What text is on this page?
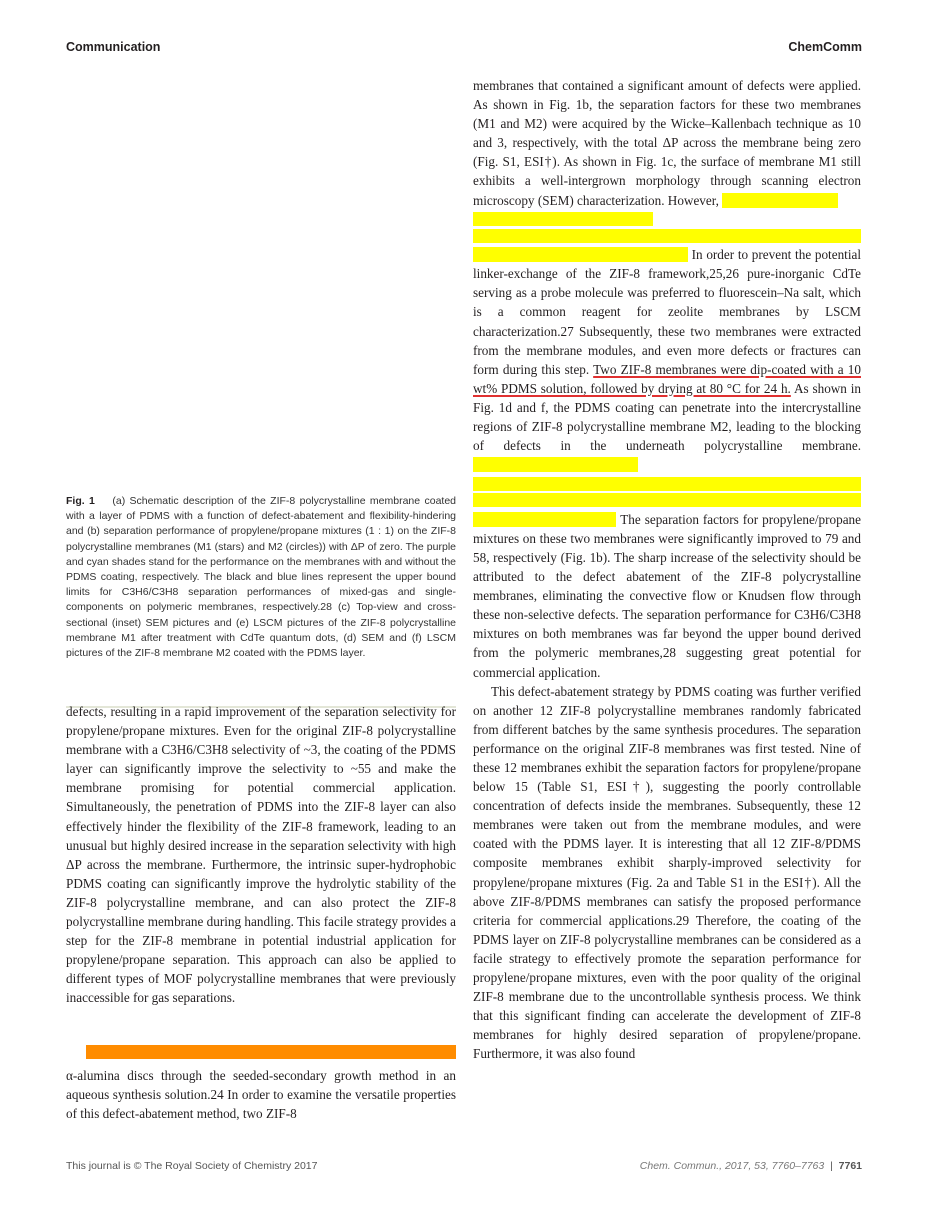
Communication	ChemComm
Fig. 1 (a) Schematic description of the ZIF-8 polycrystalline membrane coated with a layer of PDMS with a function of defect-abatement and flexibility-hindering and (b) separation performance of propylene/propane mixtures (1 : 1) on the ZIF-8 polycrystalline membranes (M1 (stars) and M2 (circles)) with ΔP of zero. The purple and cyan shades stand for the performance on the membranes with and without the PDMS coating, respectively. The black and blue lines represent the upper bound limits for C3H6/C3H8 separation performances of mixed-gas and single-components on polymeric membranes, respectively.28 (c) Top-view and cross-sectional (inset) SEM pictures and (e) LSCM pictures of the ZIF-8 polycrystalline membrane M1 after treatment with CdTe quantum dots, (d) SEM and (f) LSCM pictures of the ZIF-8 membrane M2 coated with the PDMS layer.

defects, resulting in a rapid improvement of the separation selectivity for propylene/propane mixtures. Even for the original ZIF-8 polycrystalline membrane with a C3H6/C3H8 selectivity of ~3, the coating of the PDMS layer can significantly improve the selectivity to ~55 and make the membrane promising for potential commercial application. Simultaneously, the penetration of PDMS into the ZIF-8 layer can also effectively hinder the flexibility of the ZIF-8 framework, leading to an unusual but highly desired increase in the separation selectivity with high ΔP across the membrane. Furthermore, the intrinsic super-hydrophobic PDMS coating can significantly improve the hydrolytic stability of the ZIF-8 polycrystalline membrane, and can also protect the ZIF-8 polycrystalline membrane during handling. This facile strategy provides a step for the ZIF-8 membrane in potential industrial application for propylene/propane separation. This approach can also be applied to different types of MOF polycrystalline membranes that were previously inaccessible for gas separations.

α-alumina discs through the seeded-secondary growth method in an aqueous synthesis solution.24 In order to examine the versatile properties of this defect-abatement method, two ZIF-8

membranes that contained a significant amount of defects were applied. As shown in Fig. 1b, the separation factors for these two membranes (M1 and M2) were acquired by the Wicke–Kallenbach technique as 10 and 3, respectively, with the total ΔP across the membrane being zero (Fig. S1, ESI†). As shown in Fig. 1c, the surface of membrane M1 still exhibits a well-intergrown morphology through scanning electron microscopy (SEM) characterization. However,

In order to prevent the potential linker-exchange of the ZIF-8 framework,25,26 pure-inorganic CdTe serving as a probe molecule was preferred to fluorescein–Na salt, which is a common reagent for zeolite membranes by LSCM characterization.27 Subsequently, these two membranes were extracted from the membrane modules, and even more defects or fractures can form during this step. Two ZIF-8 membranes were dip-coated with a 10 wt% PDMS solution, followed by drying at 80 °C for 24 h. As shown in Fig. 1d and f, the PDMS coating can penetrate into the intercrystalline regions of ZIF-8 polycrystalline membrane M2, leading to the blocking of defects in the underneath polycrystalline membrane.

The separation factors for propylene/propane mixtures on these two membranes were significantly improved to 79 and 58, respectively (Fig. 1b). The sharp increase of the selectivity should be attributed to the defect abatement of the ZIF-8 polycrystalline membranes, eliminating the convective flow or Knudsen flow through these non-selective defects. The separation performance for C3H6/C3H8 mixtures on both membranes was far beyond the upper bound derived from the polymeric membranes,28 suggesting great potential for commercial application.

This defect-abatement strategy by PDMS coating was further verified on another 12 ZIF-8 polycrystalline membranes randomly fabricated from different batches by the same synthesis procedures. The separation performance on the original ZIF-8 membranes was first tested. Nine of these 12 membranes exhibit the separation factors for propylene/propane below 15 (Table S1, ESI†), suggesting the poorly controllable concentration of defects inside the membranes. Subsequently, these 12 membranes were taken out from the membrane modules, and were coated with the PDMS layer. It is interesting that all 12 ZIF-8/PDMS composite membranes exhibit sharply-improved selectivity for propylene/propane mixtures (Fig. 2a and Table S1 in the ESI†). All the above ZIF-8/PDMS membranes can satisfy the proposed performance criteria for commercial applications.29 Therefore, the coating of the PDMS layer on ZIF-8 polycrystalline membranes can be considered as a facile strategy to effectively promote the separation performance for propylene/propane mixtures, even with the poor quality of the original ZIF-8 membrane due to the uncontrollable synthesis process. We think that this significant finding can accelerate the development of ZIF-8 membranes for highly desired separation of propylene/propane. Furthermore, it was also found

This journal is © The Royal Society of Chemistry 2017	Chem. Commun., 2017, 53, 7760–7763  |  7761
